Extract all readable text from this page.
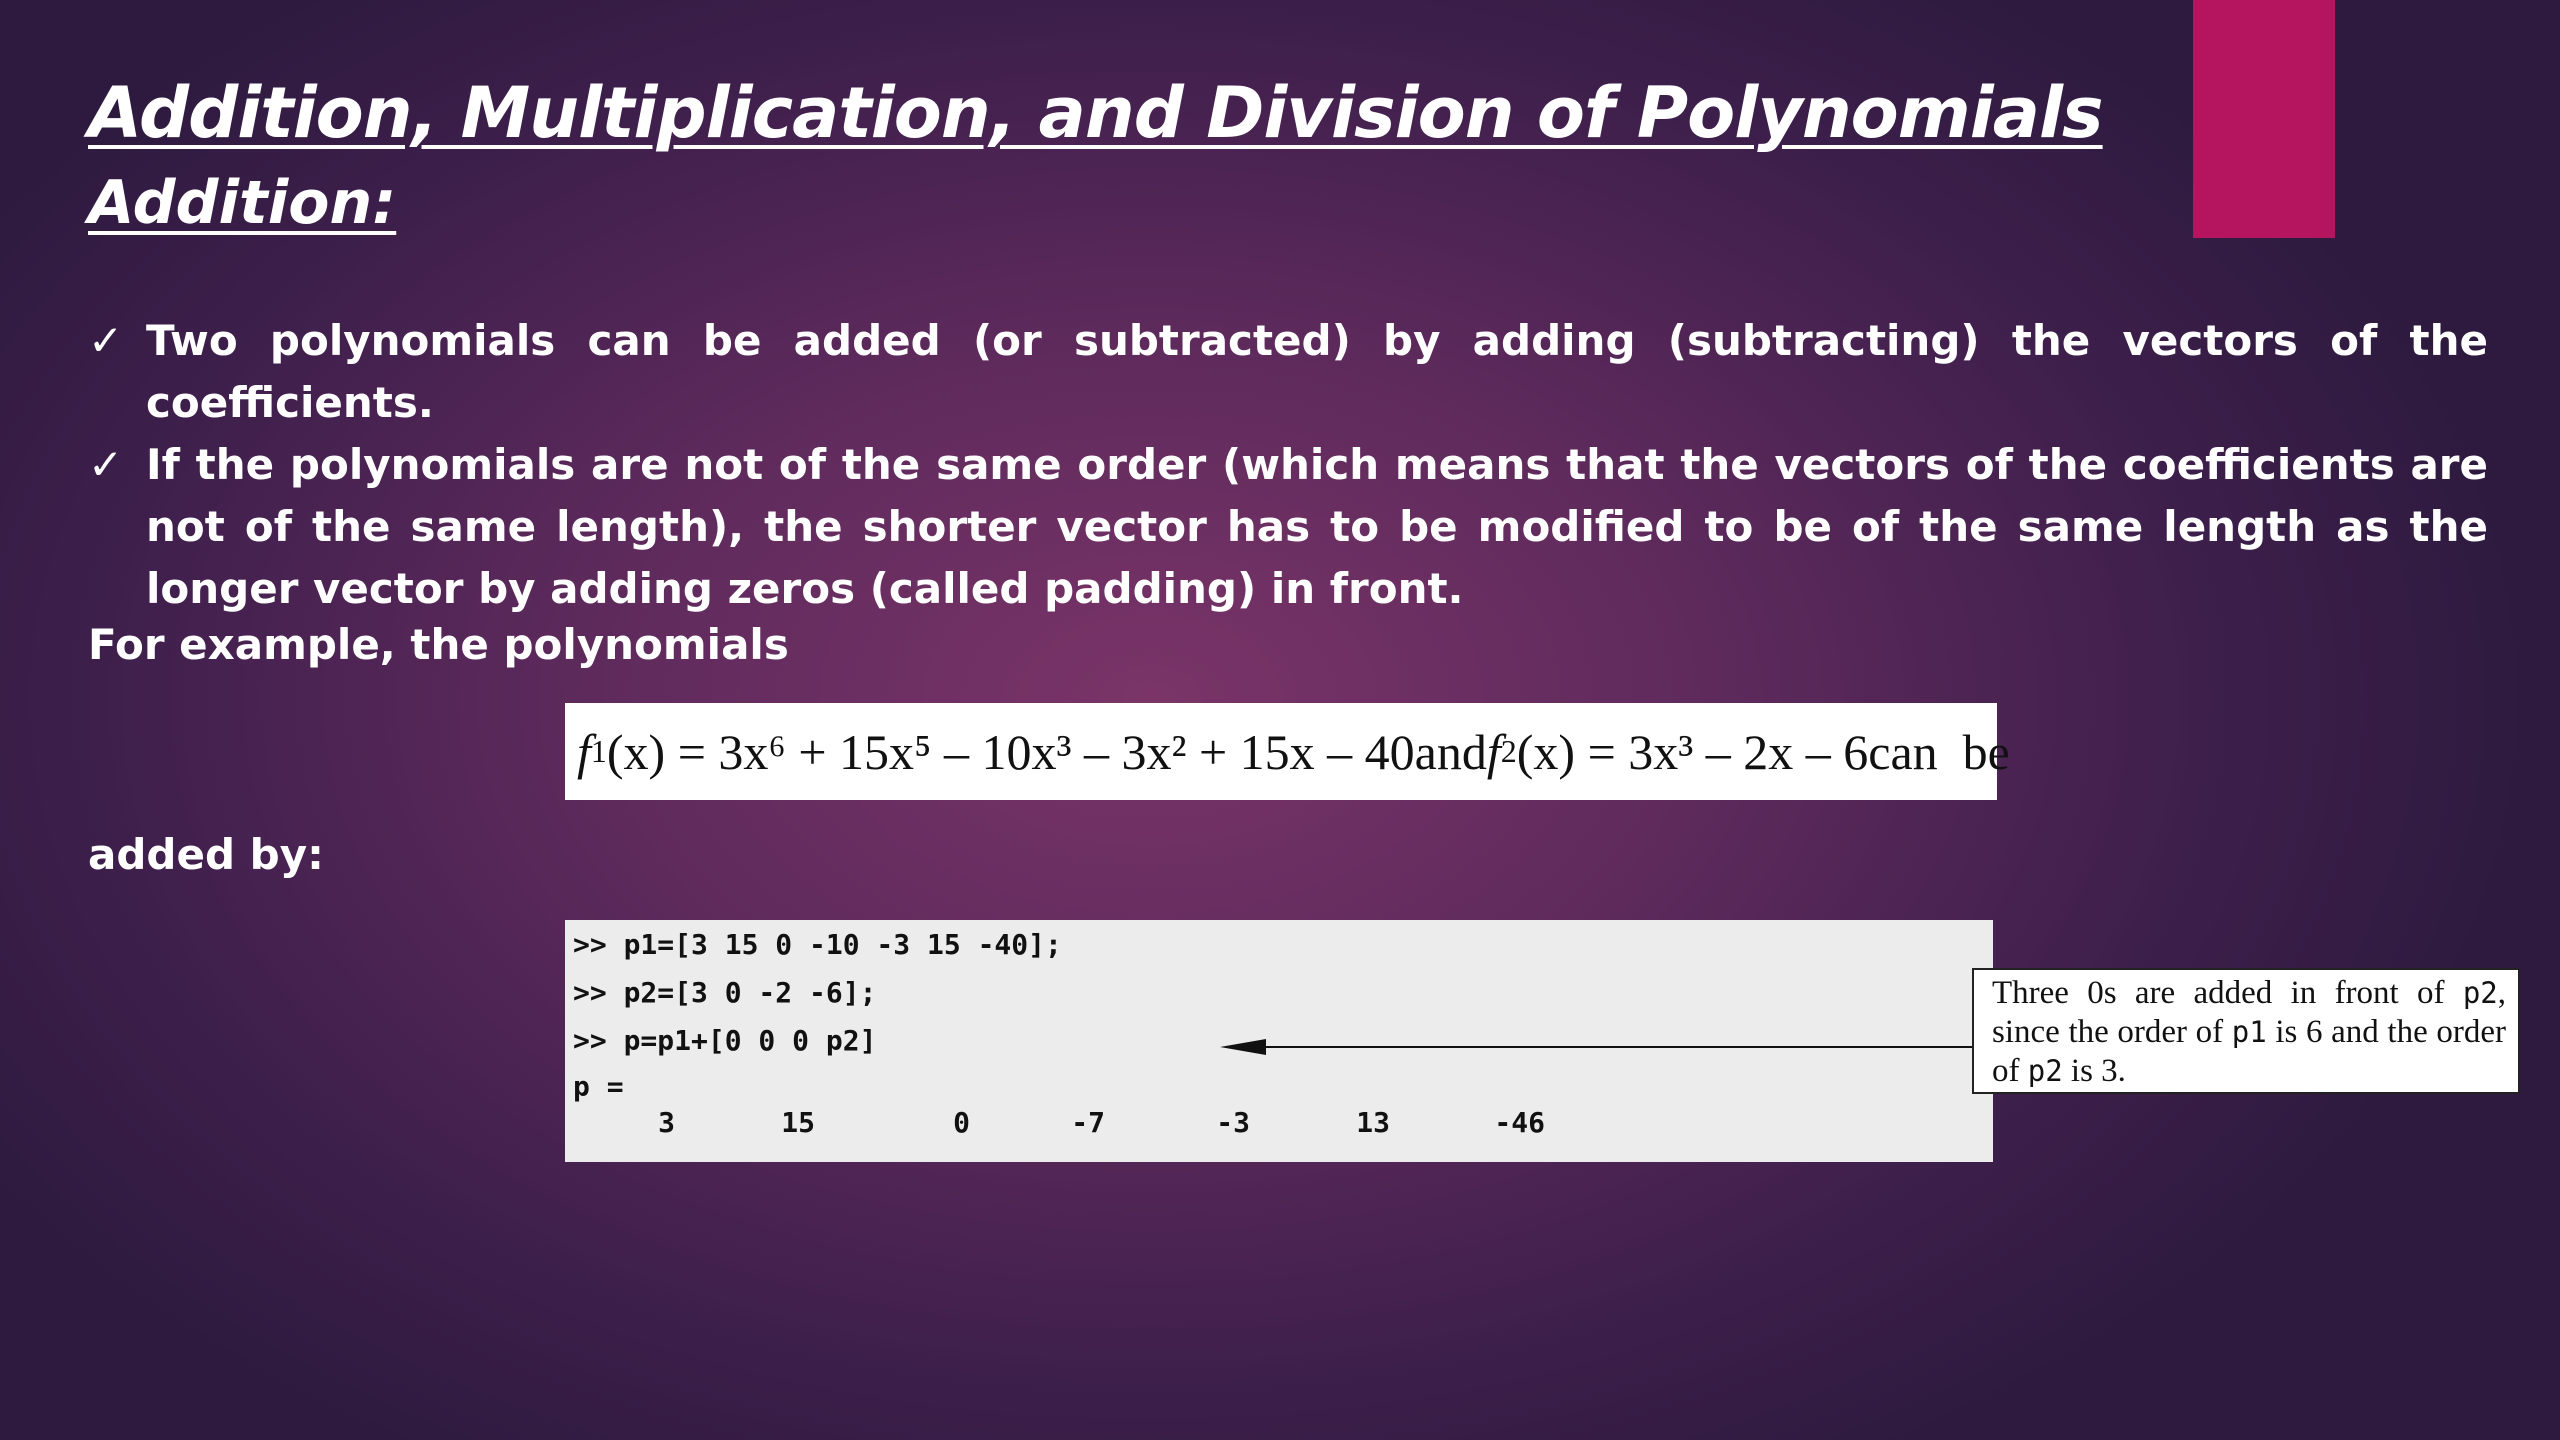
Addition, Multiplication, and Division of Polynomials
Addition:
✓ Two polynomials can be added (or subtracted) by adding (subtracting) the vectors of the coefficients.
✓ If the polynomials are not of the same order (which means that the vectors of the coefficients are not of the same length), the shorter vector has to be modified to be of the same length as the longer vector by adding zeros (called padding) in front.
For example, the polynomials
f 1 (x) = 3x⁶ + 15x⁵ – 10x³ – 3x² + 15x – 40 and f 2 (x) = 3x³ – 2x – 6 can  be
added by:
>> p1=[3 15 0 -10 -3 15 -40];
>> p2=[3 0 -2 -6];
>> p=p1+[0 0 0 p2]
p =
3	15	0	-7	-3	13	-46
Three 0s are added in front of p2, since the order of p1 is 6 and the order of p2 is 3.
